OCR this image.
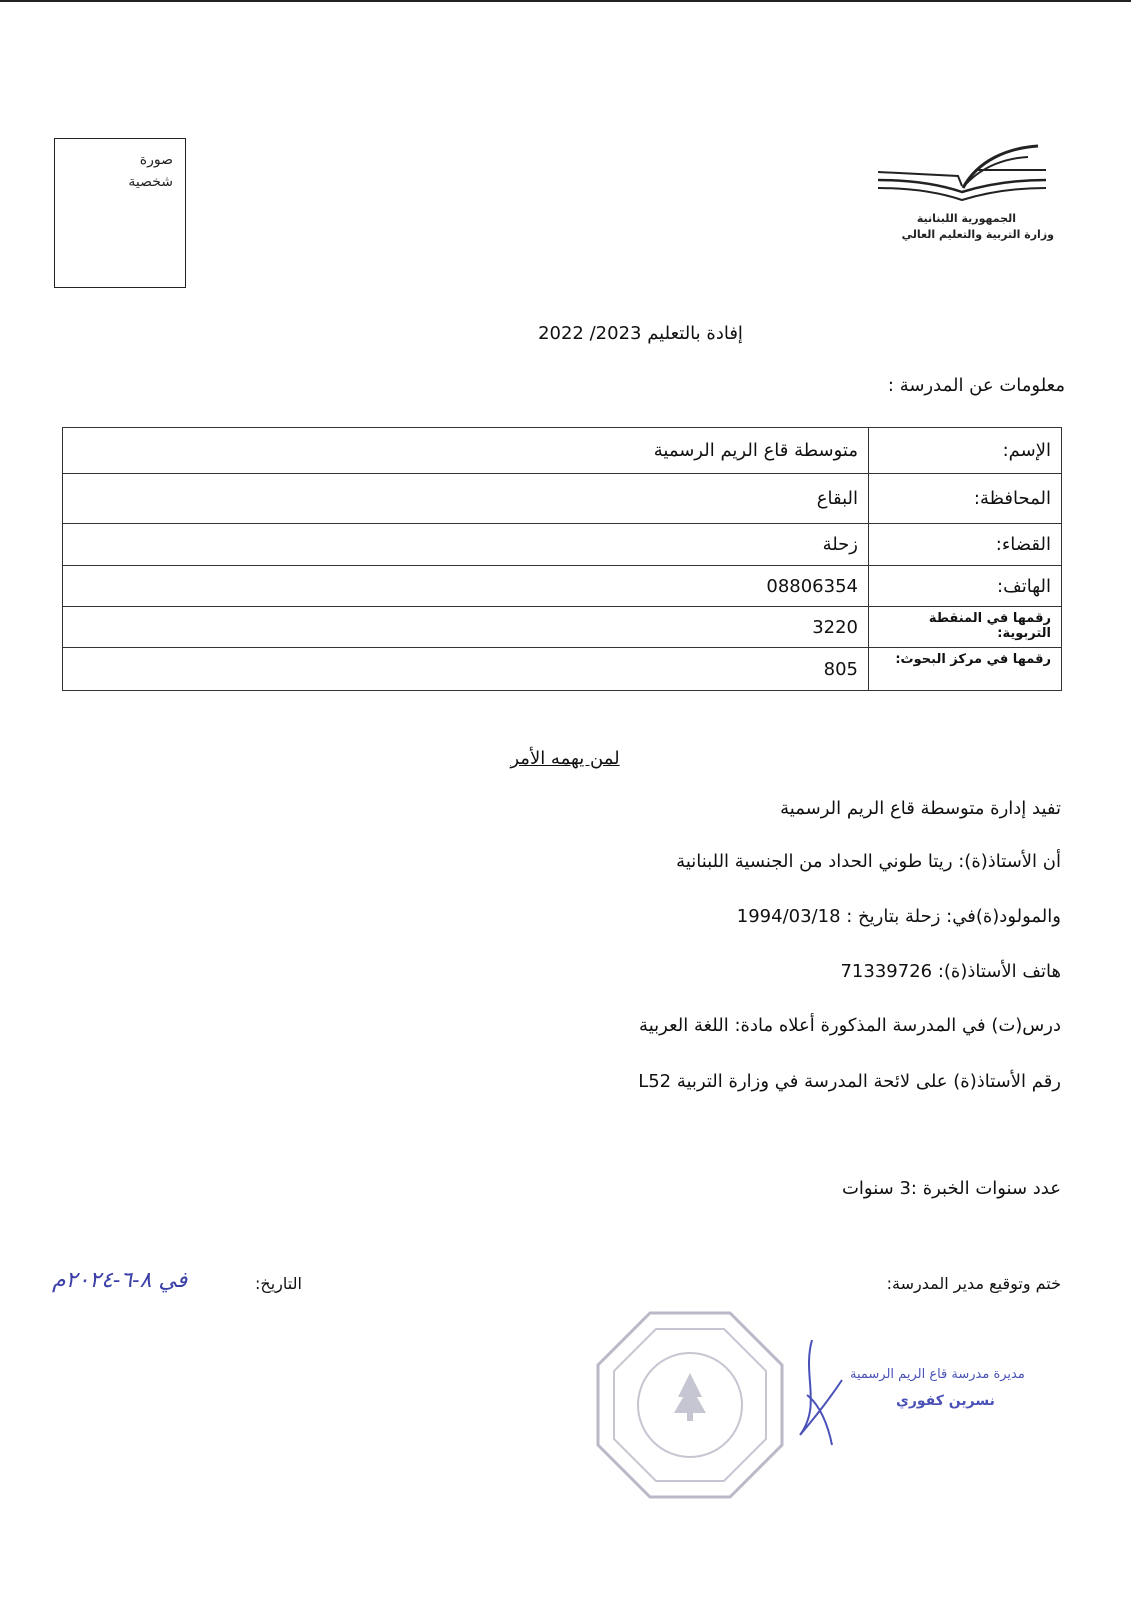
صورة
شخصية
الجمهورية اللبنانية
وزارة التربية والتعليم العالي
إفادة بالتعليم 2023/ 2022
معلومات عن المدرسة :
الإسم:	متوسطة قاع الريم الرسمية
المحافظة:	البقاع
القضاء:	زحلة
الهاتف:	08806354
رقمها في المنقطة التربوية:	3220
رقمها في مركز البحوث:	805
لمن يهمه الأمر
تفيد إدارة متوسطة قاع الريم الرسمية
أن الأستاذ(ة): ريتا طوني الحداد من الجنسية اللبنانية
والمولود(ة)في: زحلة بتاريخ : 1994/03/18
هاتف الأستاذ(ة): 71339726
درس(ت) في المدرسة المذكورة أعلاه مادة: اللغة العربية
رقم الأستاذ(ة) على لائحة المدرسة في وزارة التربية L52
عدد سنوات الخبرة :3 سنوات
ختم وتوقيع مدير المدرسة:
التاريخ:
في ٨-٦-٢٠٢٤م
مديرة مدرسة قاع الريم الرسمية
نسرين كفوري
